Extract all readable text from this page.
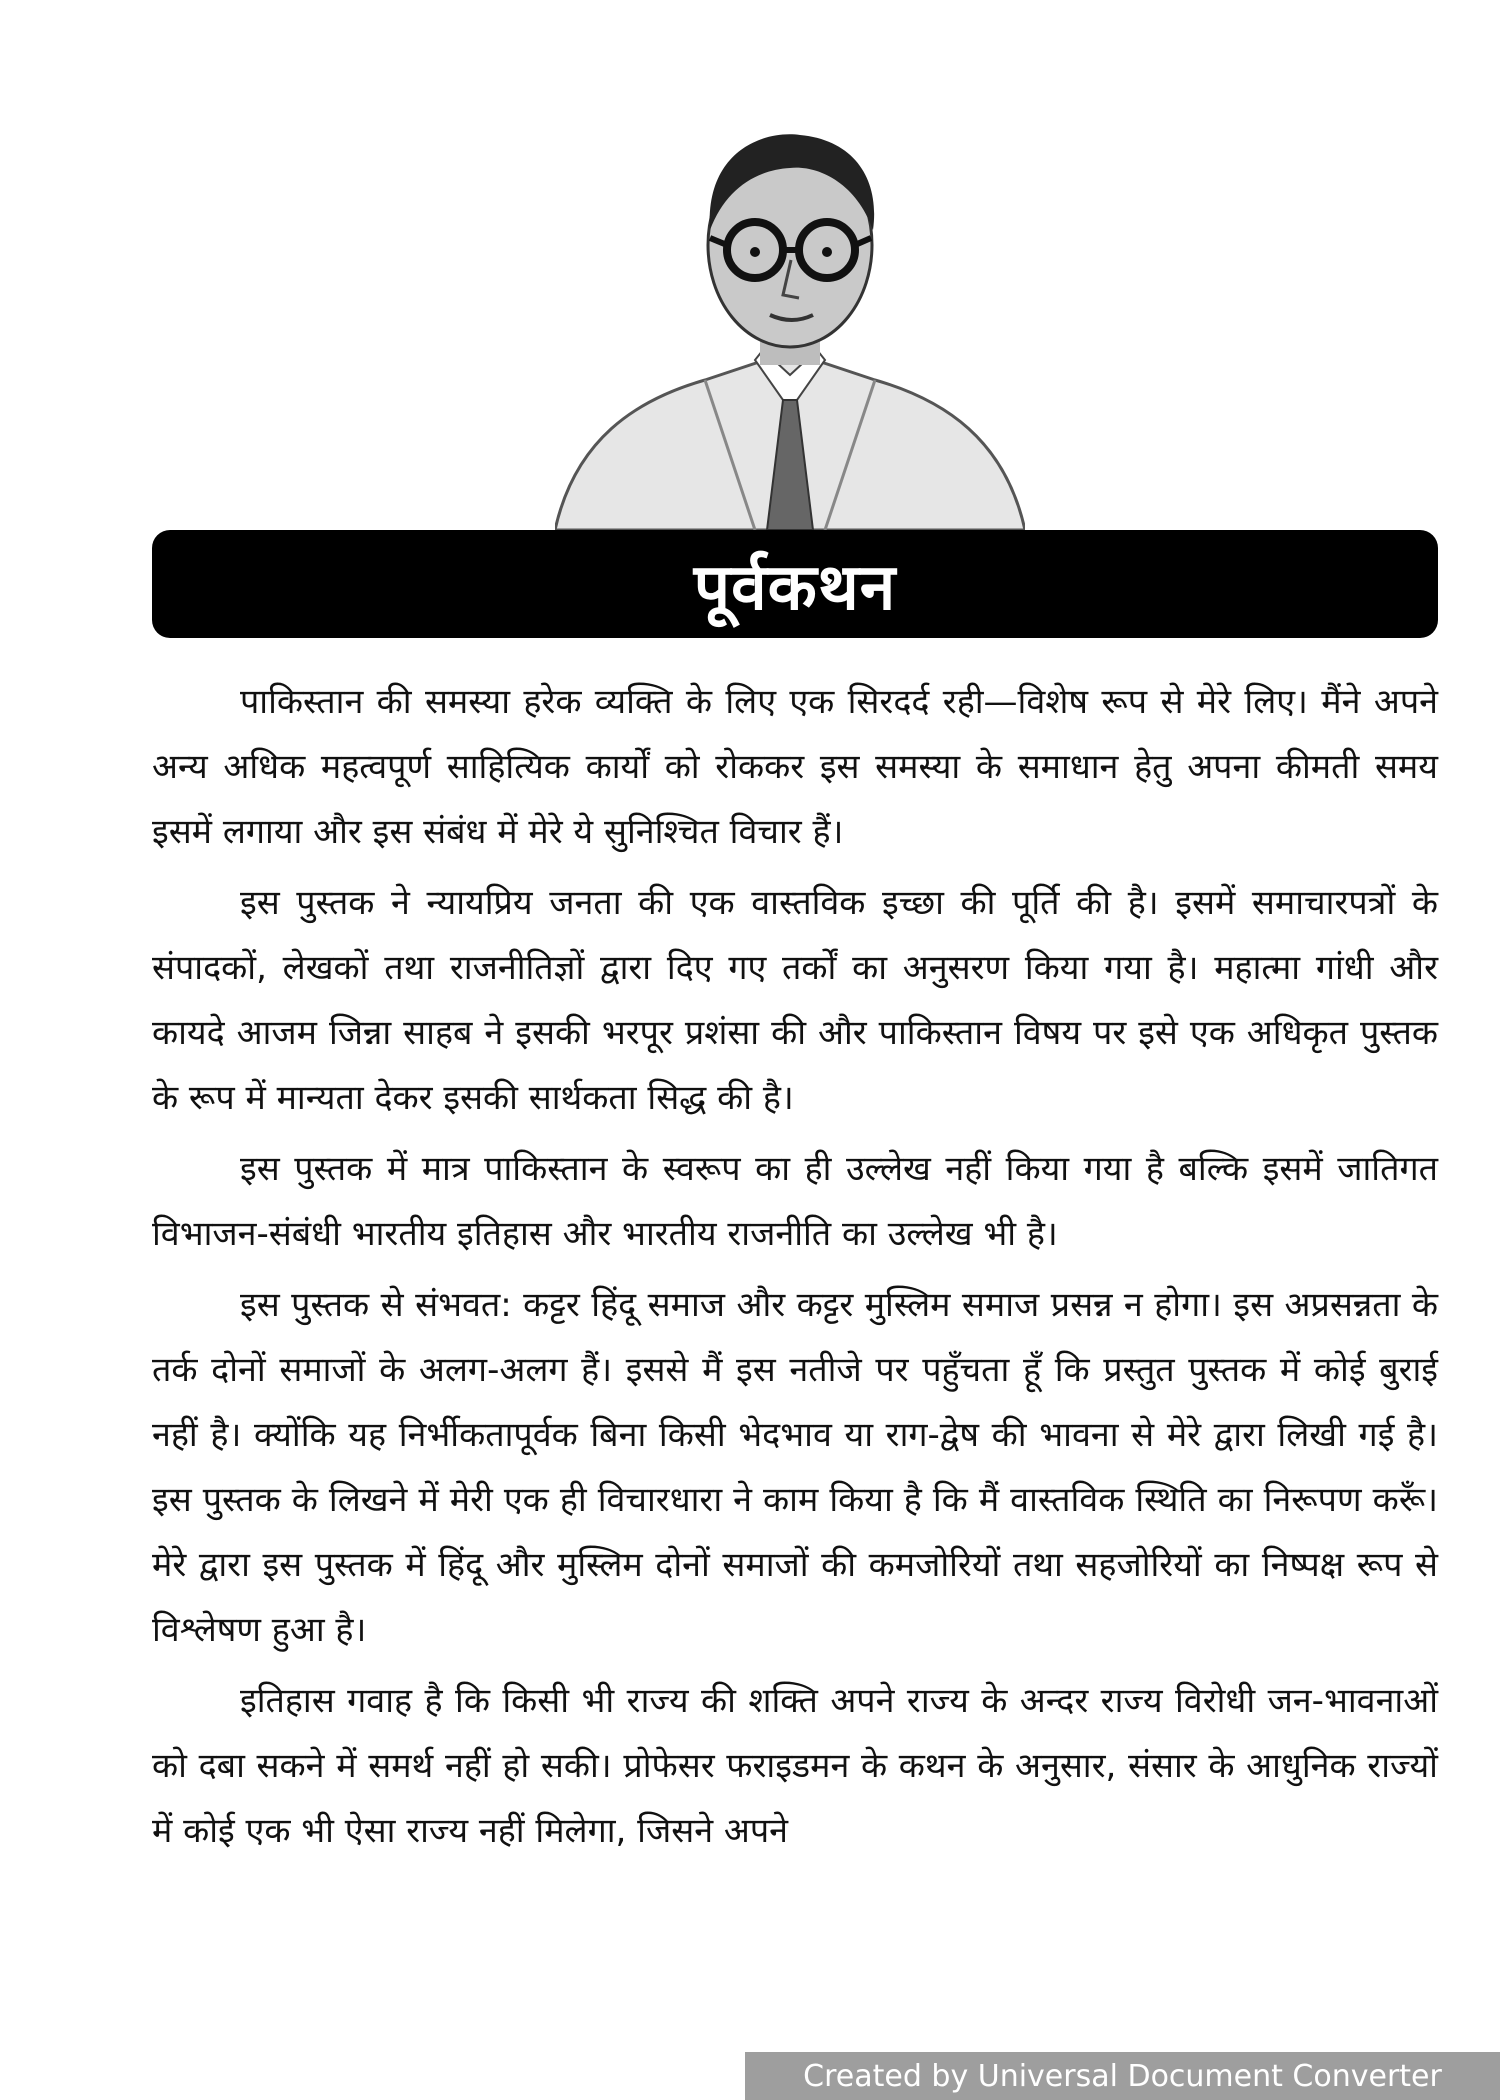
पूर्वकथन

पाकिस्तान की समस्या हरेक व्यक्ति के लिए एक सिरदर्द रही—विशेष रूप से मेरे लिए। मैंने अपने अन्य अधिक महत्वपूर्ण साहित्यिक कार्यों को रोककर इस समस्या के समाधान हेतु अपना कीमती समय इसमें लगाया और इस संबंध में मेरे ये सुनिश्चित विचार हैं।

इस पुस्तक ने न्यायप्रिय जनता की एक वास्तविक इच्छा की पूर्ति की है। इसमें समाचारपत्रों के संपादकों, लेखकों तथा राजनीतिज्ञों द्वारा दिए गए तर्कों का अनुसरण किया गया है। महात्मा गांधी और कायदे आजम जिन्ना साहब ने इसकी भरपूर प्रशंसा की और पाकिस्तान विषय पर इसे एक अधिकृत पुस्तक के रूप में मान्यता देकर इसकी सार्थकता सिद्ध की है।

इस पुस्तक में मात्र पाकिस्तान के स्वरूप का ही उल्लेख नहीं किया गया है बल्कि इसमें जातिगत विभाजन-संबंधी भारतीय इतिहास और भारतीय राजनीति का उल्लेख भी है।

इस पुस्तक से संभवत: कट्टर हिंदू समाज और कट्टर मुस्लिम समाज प्रसन्न न होगा। इस अप्रसन्नता के तर्क दोनों समाजों के अलग-अलग हैं। इससे मैं इस नतीजे पर पहुँचता हूँ कि प्रस्तुत पुस्तक में कोई बुराई नहीं है। क्योंकि यह निर्भीकतापूर्वक बिना किसी भेदभाव या राग-द्वेष की भावना से मेरे द्वारा लिखी गई है। इस पुस्तक के लिखने में मेरी एक ही विचारधारा ने काम किया है कि मैं वास्तविक स्थिति का निरूपण करूँ। मेरे द्वारा इस पुस्तक में हिंदू और मुस्लिम दोनों समाजों की कमजोरियों तथा सहजोरियों का निष्पक्ष रूप से विश्लेषण हुआ है।

इतिहास गवाह है कि किसी भी राज्य की शक्ति अपने राज्य के अन्दर राज्य विरोधी जन-भावनाओं को दबा सकने में समर्थ नहीं हो सकी। प्रोफेसर फराइडमन के कथन के अनुसार, संसार के आधुनिक राज्यों में कोई एक भी ऐसा राज्य नहीं मिलेगा, जिसने अपने

Created by Universal Document Converter
